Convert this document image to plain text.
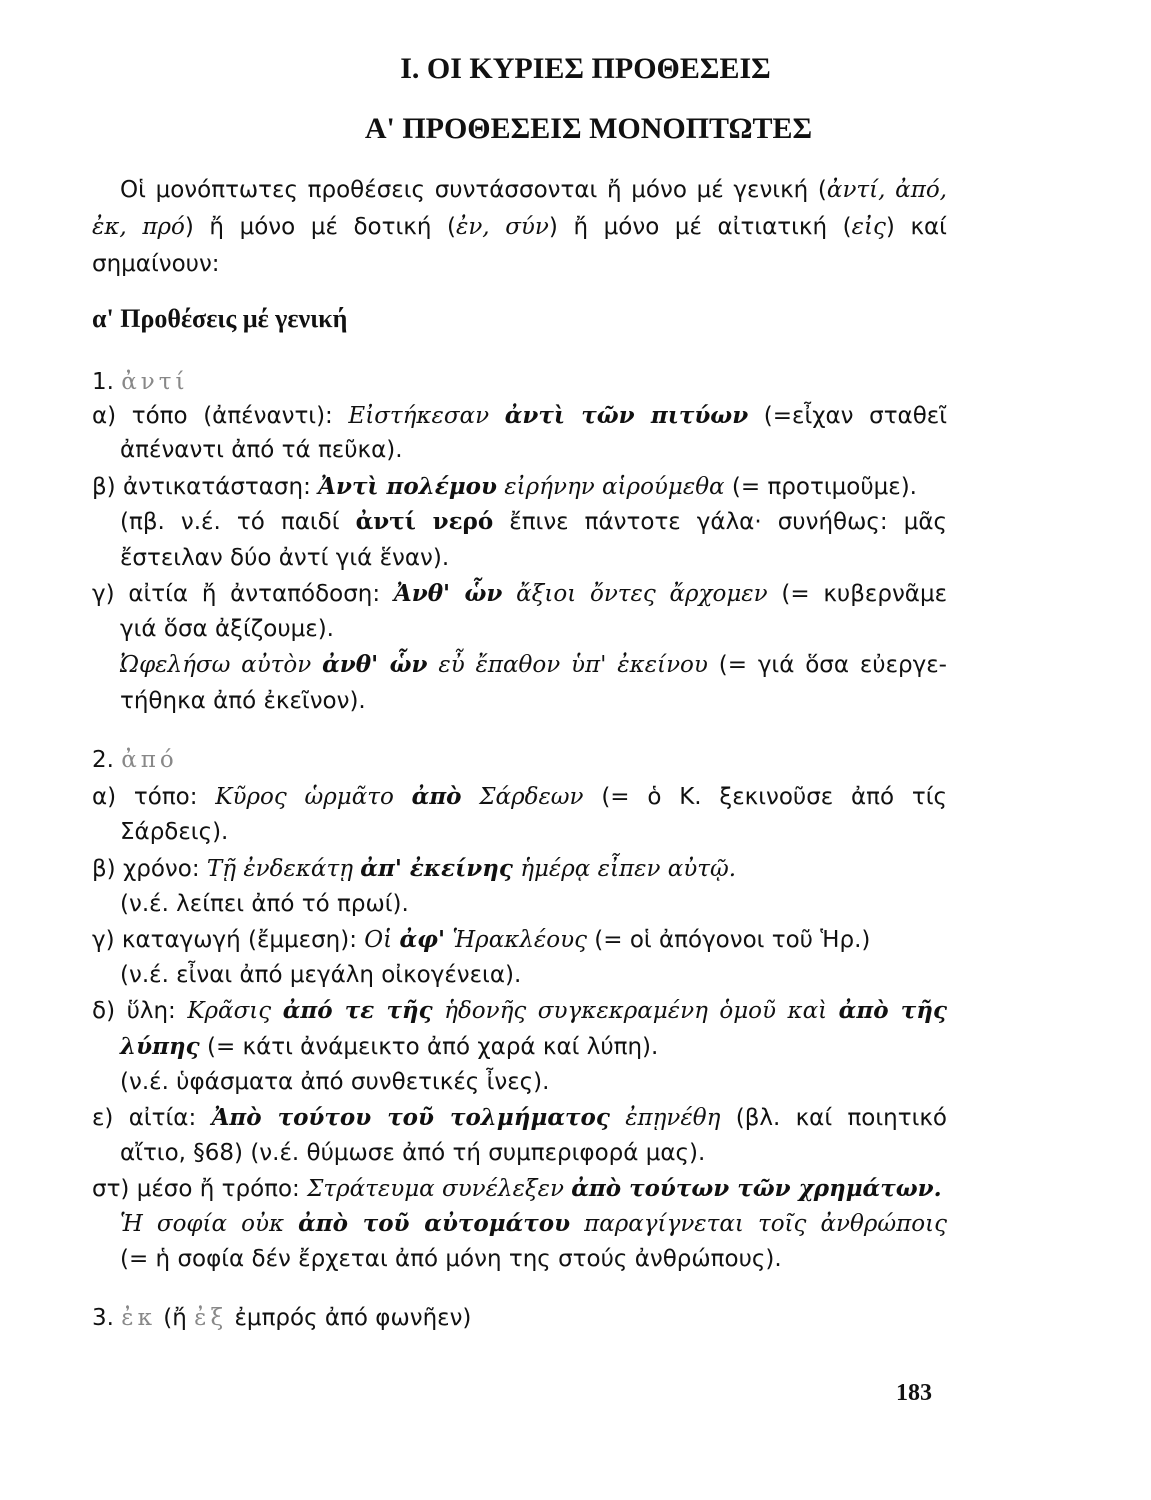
I. ΟΙ ΚΥΡΙΕΣ ΠΡΟΘΕΣΕΙΣ
Α' ΠΡΟΘΕΣΕΙΣ ΜΟΝΟΠΤΩΤΕΣ

Οἱ μονόπτωτες προθέσεις συντάσσονται ἤ μόνο μέ γενική (ἀντί, ἀπό, ἐκ, πρό) ἤ μόνο μέ δοτική (ἐν, σύν) ἤ μόνο μέ αἰτιατική (εἰς) καί σημαίνουν:

α' Προθέσεις μέ γενική

1. ἀντί

α) τόπο (ἀπέναντι): Εἰστήκεσαν ἀντὶ τῶν πιτύων (=εἶχαν σταθεῖ

ἀπέναντι ἀπό τά πεῦκα).

β) ἀντικατάσταση: Ἀντὶ πολέμου εἰρήνην αἱρούμεθα (= προτιμοῦμε).

(πβ. ν.έ. τό παιδί ἀντί νερό ἔπινε πάντοτε γάλα· συνήθως: μᾶς

ἔστειλαν δύο ἀντί γιά ἕναν).

γ) αἰτία ἤ ἀνταπόδοση: Ἀνθ' ὧν ἄξιοι ὄντες ἄρχομεν (= κυβερνᾶμε

γιά ὅσα ἀξίζουμε).

Ὠφελήσω αὐτὸν ἀνθ' ὧν εὖ ἔπαθον ὑπ' ἐκείνου (= γιά ὅσα εὐεργε-

τήθηκα ἀπό ἐκεῖνον).

2. ἀπό

α) τόπο: Κῦρος ὡρμᾶτο ἀπὸ Σάρδεων (= ὁ Κ. ξεκινοῦσε ἀπό τίς

Σάρδεις).

β) χρόνο: Τῇ ἐνδεκάτῃ ἀπ' ἐκείνης ἡμέρᾳ εἶπεν αὐτῷ.

(ν.έ. λείπει ἀπό τό πρωί).

γ) καταγωγή (ἔμμεση): Οἱ ἀφ' Ἡρακλέους (= οἱ ἀπόγονοι τοῦ Ἡρ.)

(ν.έ. εἶναι ἀπό μεγάλη οἰκογένεια).

δ) ὕλη: Κρᾶσις ἀπό τε τῆς ἡδονῆς συγκεκραμένη ὁμοῦ καὶ ἀπὸ τῆς

λύπης (= κάτι ἀνάμεικτο ἀπό χαρά καί λύπη).

(ν.έ. ὑφάσματα ἀπό συνθετικές ἶνες).

ε) αἰτία: Ἀπὸ τούτου τοῦ τολμήματος ἐπῃνέθη (βλ. καί ποιητικό

αἴτιο, §68) (ν.έ. θύμωσε ἀπό τή συμπεριφορά μας).

στ) μέσο ἤ τρόπο: Στράτευμα συνέλεξεν ἀπὸ τούτων τῶν χρημάτων.

Ἡ σοφία οὐκ ἀπὸ τοῦ αὐτομάτου παραγίγνεται τοῖς ἀνθρώποις

(= ἡ σοφία δέν ἔρχεται ἀπό μόνη της στούς ἀνθρώπους).

3. ἐκ (ἤ ἐξ ἐμπρός ἀπό φωνῆεν)

183
